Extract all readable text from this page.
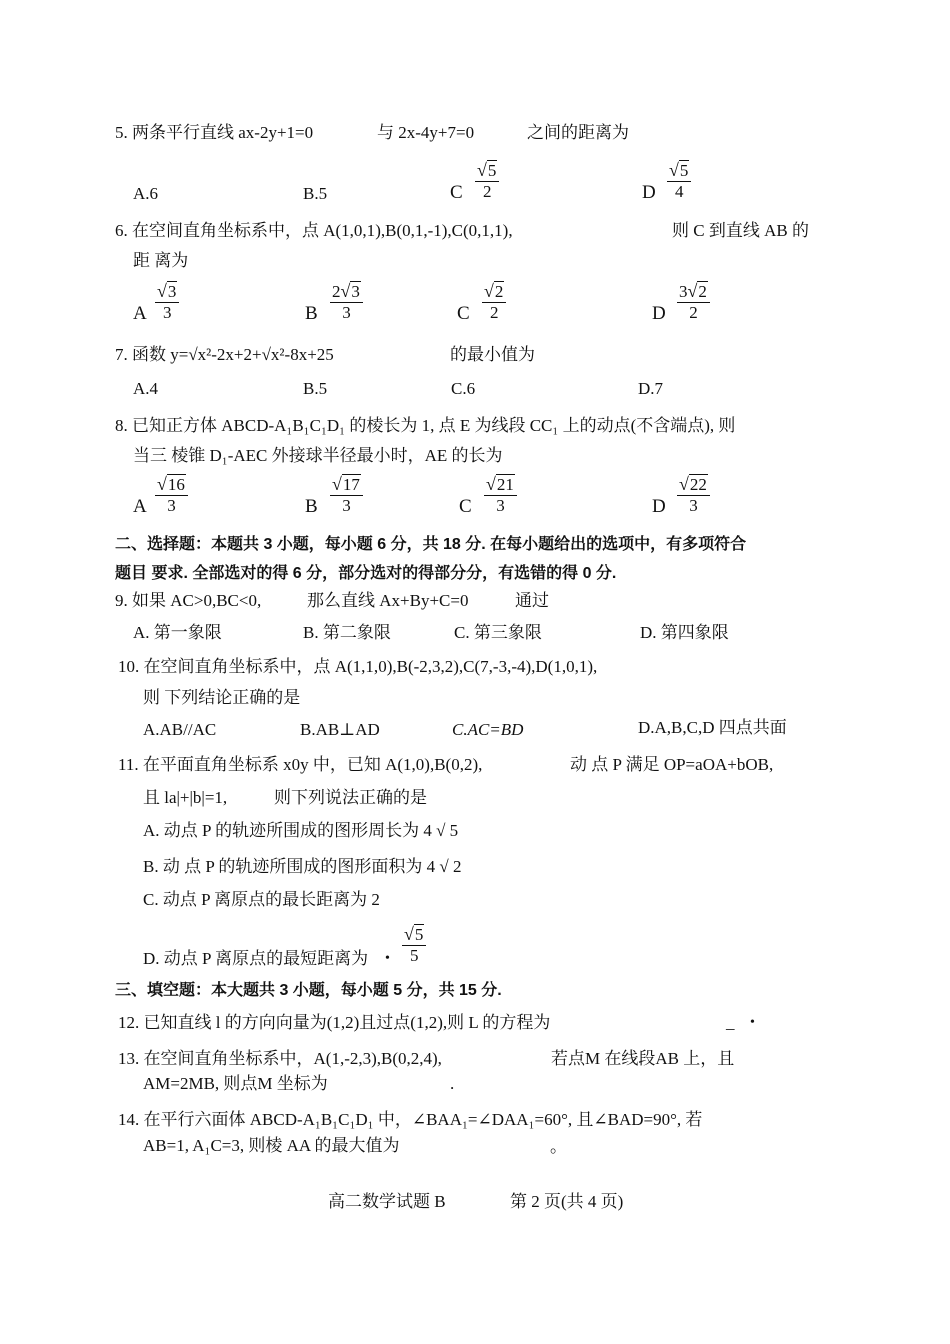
5. 两条平行直线 ax-2y+1=0	与 2x-4y+7=0	之间的距离为
A.6	B.5	C $\frac{√5}{2}$	D $\frac{√5}{4}$
6. 在空间直角坐标系中，点 A(1,0,1),B(0,1,-1),C(0,1,1),	则 C 到直线 AB 的
距 离为
A $\frac{√3}{3}$	B $\frac{2√3}{3}$	C $\frac{√2}{2}$	D $\frac{3√2}{2}$
7. 函数 y=√x²-2x+2+√x²-8x+25	的最小值为
A.4	B.5	C.6	D.7
8. 已知正方体 ABCD-A₁B₁C₁D₁ 的棱长为 1, 点 E 为线段 CC₁ 上的动点(不含端点), 则
当三 棱锥 D₁-AEC 外接球半径最小时，AE 的长为
A $\frac{√16}{3}$	B $\frac{√17}{3}$	C $\frac{√21}{3}$	D $\frac{√22}{3}$
二、选择题：本题共 3 小题，每小题 6 分，共 18 分. 在每小题给出的选项中，有多项符合
题目 要求. 全部选对的得 6 分，部分选对的得部分分，有选错的得 0 分.
9. 如果 AC>0,BC<0,	那么直线 Ax+By+C=0	通过
A. 第一象限	B. 第二象限	C. 第三象限	D. 第四象限
10. 在空间直角坐标系中，点 A(1,1,0),B(-2,3,2),C(7,-3,-4),D(1,0,1),
则 下列结论正确的是
A.AB//AC	B.AB⊥AD	C.AC=BD	D.A,B,C,D 四点共面
11. 在平面直角坐标系 x0y 中，已知 A(1,0),B(0,2),	动 点 P 满足 OP=aOA+bOB,
且 la|+|b|=1,	则下列说法正确的是
A. 动点 P 的轨迹所围成的图形周长为 4 √ 5
B. 动 点 P 的轨迹所围成的图形面积为 4 √ 2
C. 动点 P 离原点的最长距离为 2
D. 动点 P 离原点的最短距离为 • $\frac{√5}{5}$
三、填空题：本大题共 3 小题，每小题 5 分，共 15 分.
12. 已知直线 l 的方向向量为(1,2)且过点(1,2),则 L 的方程为	_ •
13. 在空间直角坐标系中，A(1,-2,3),B(0,2,4),	若点M 在线段AB 上，且
AM=2MB, 则点M 坐标为	.
14. 在平行六面体 ABCD-A₁B₁C₁D₁ 中，∠BAA₁=∠DAA₁=60°, 且∠BAD=90°, 若
AB=1, A₁C=3, 则棱 AA 的最大值为	。
高二数学试题 B	第 2 页(共 4 页)
